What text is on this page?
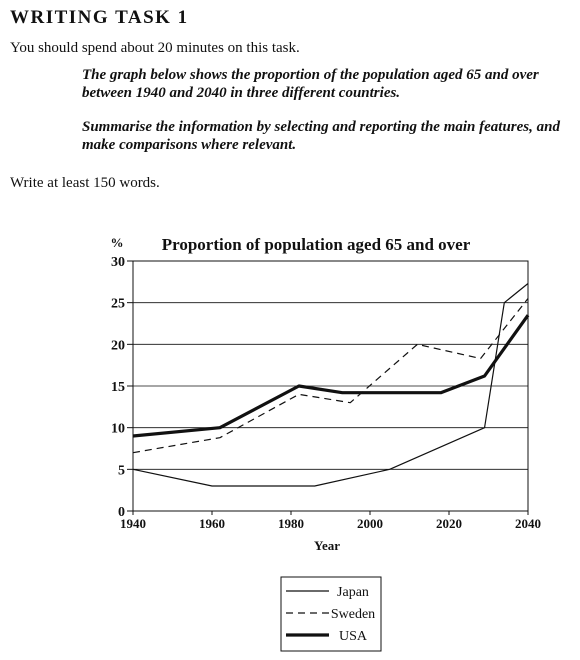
WRITING TASK 1
You should spend about 20 minutes on this task.
The graph below shows the proportion of the population aged 65 and over between 1940 and 2040 in three different countries.
Summarise the information by selecting and reporting the main features, and make comparisons where relevant.
Write at least 150 words.
Proportion of population aged 65 and over
%
Year
0
5
10
15
20
25
30
1940	1960	1980	2000	2020	2040
Japan
Sweden
USA
